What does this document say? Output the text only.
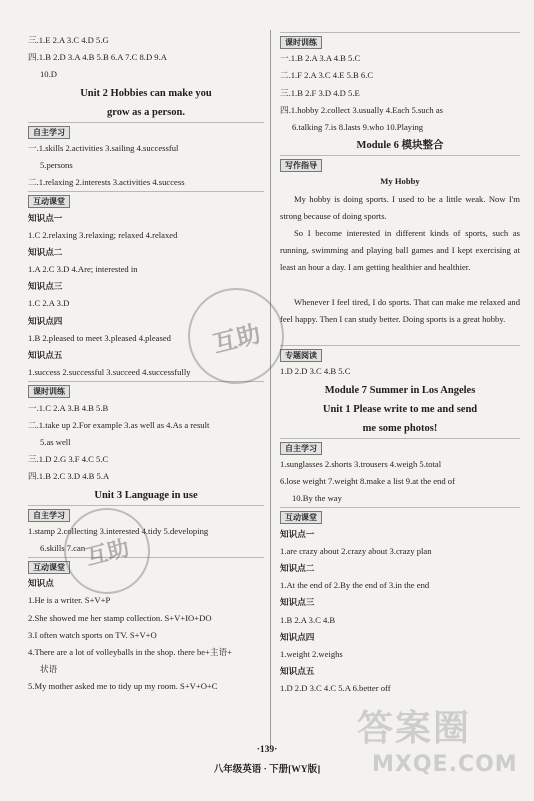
三.1.E 2.A 3.C 4.D 5.G
四.1.B 2.D 3.A 4.B 5.B 6.A 7.C 8.D 9.A
10.D
Unit 2 Hobbies can make you
grow as a person.
自主学习
一.1.skills 2.activities 3.sailing 4.successful
5.persons
二.1.relaxing 2.interests 3.activities 4.success
互动课堂
知识点一
1.C 2.relaxing 3.relaxing; relaxed 4.relaxed
知识点二
1.A 2.C 3.D 4.Are; interested in
知识点三
1.C 2.A 3.D
知识点四
1.B 2.pleased to meet 3.pleased 4.pleased
知识点五
1.success 2.successful 3.succeed 4.successfully
课时训练
一.1.C 2.A 3.B 4.B 5.B
二.1.take up 2.For example 3.as well as 4.As a result
5.as well
三.1.D 2.G 3.F 4.C 5.C
四.1.B 2.C 3.D 4.B 5.A
Unit 3 Language in use
自主学习
1.stamp 2.collecting 3.interested 4.tidy 5.developing
6.skills 7.can
互动课堂
知识点
1.He is a writer. S+V+P
2.She showed me her stamp collection. S+V+IO+DO
3.I often watch sports on TV. S+V+O
4.There are a lot of volleyballs in the shop. there be+主语+
状语
5.My mother asked me to tidy up my room. S+V+O+C
课时训练
一.1.B 2.A 3.A 4.B 5.C
二.1.F 2.A 3.C 4.E 5.B 6.C
三.1.B 2.F 3.D 4.D 5.E
四.1.hobby 2.collect 3.usually 4.Each 5.such as
6.talking 7.is 8.lasts 9.who 10.Playing
Module 6 模块整合
写作指导
My Hobby
My hobby is doing sports. I used to be a little weak. Now I'm strong because of doing sports.
So I become interested in different kinds of sports, such as running, swimming and playing ball games and I kept exercising at least an hour a day. I am getting healthier and healthier.
Whenever I feel tired, I do sports. That can make me relaxed and feel happy. Then I can study better. Doing sports is a great hobby.
专题阅读
1.D 2.D 3.C 4.B 5.C
Module 7 Summer in Los Angeles
Unit 1 Please write to me and send
me some photos!
自主学习
1.sunglasses 2.shorts 3.trousers 4.weigh 5.total
6.lose weight 7.weight 8.make a list 9.at the end of
10.By the way
互动课堂
知识点一
1.are crazy about 2.crazy about 3.crazy plan
知识点二
1.At the end of 2.By the end of 3.in the end
知识点三
1.B 2.A 3.C 4.B
知识点四
1.weight 2.weighs
知识点五
1.D 2.D 3.C 4.C 5.A 6.better off
·139·
八年级英语 · 下册[WY版]
互助
互助
答案圈
MXQE.COM
